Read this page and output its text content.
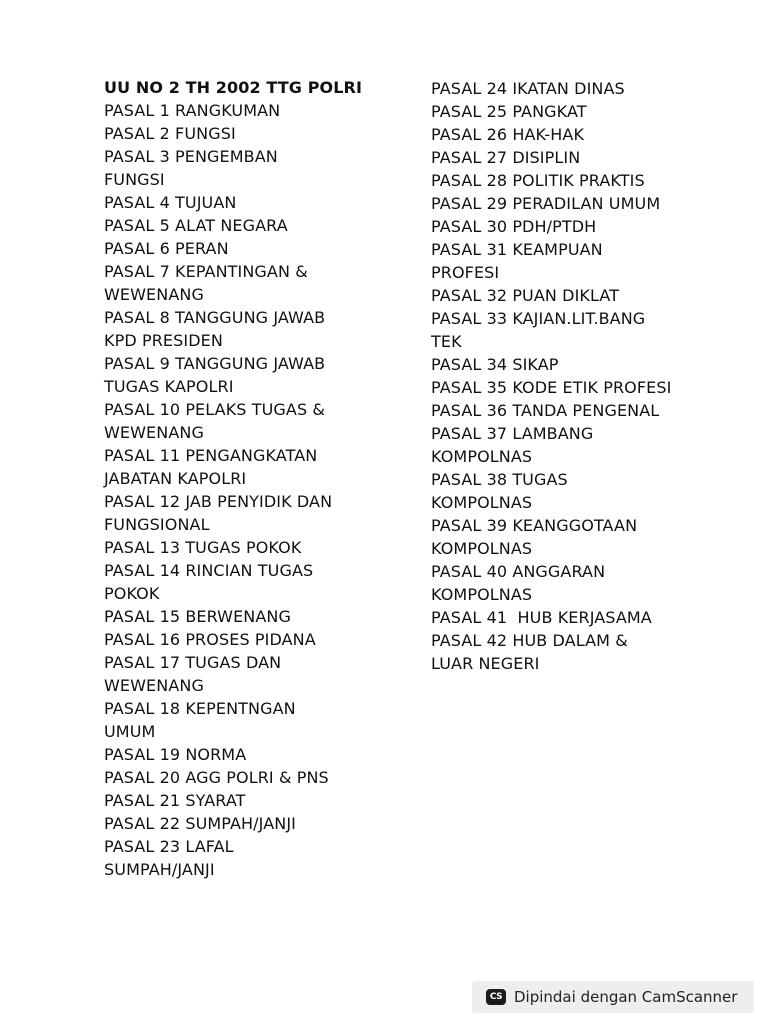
UU NO 2 TH 2002 TTG POLRI
PASAL 1 RANGKUMAN
PASAL 2 FUNGSI
PASAL 3 PENGEMBAN
FUNGSI
PASAL 4 TUJUAN
PASAL 5 ALAT NEGARA
PASAL 6 PERAN
PASAL 7 KEPANTINGAN &
WEWENANG
PASAL 8 TANGGUNG JAWAB
KPD PRESIDEN
PASAL 9 TANGGUNG JAWAB
TUGAS KAPOLRI
PASAL 10 PELAKS TUGAS &
WEWENANG
PASAL 11 PENGANGKATAN
JABATAN KAPOLRI
PASAL 12 JAB PENYIDIK DAN
FUNGSIONAL
PASAL 13 TUGAS POKOK
PASAL 14 RINCIAN TUGAS
POKOK
PASAL 15 BERWENANG
PASAL 16 PROSES PIDANA
PASAL 17 TUGAS DAN
WEWENANG
PASAL 18 KEPENTNGAN
UMUM
PASAL 19 NORMA
PASAL 20 AGG POLRI & PNS
PASAL 21 SYARAT
PASAL 22 SUMPAH/JANJI
PASAL 23 LAFAL
SUMPAH/JANJI
PASAL 24 IKATAN DINAS
PASAL 25 PANGKAT
PASAL 26 HAK-HAK
PASAL 27 DISIPLIN
PASAL 28 POLITIK PRAKTIS
PASAL 29 PERADILAN UMUM
PASAL 30 PDH/PTDH
PASAL 31 KEAMPUAN
PROFESI
PASAL 32 PUAN DIKLAT
PASAL 33 KAJIAN.LIT.BANG
TEK
PASAL 34 SIKAP
PASAL 35 KODE ETIK PROFESI
PASAL 36 TANDA PENGENAL
PASAL 37 LAMBANG
KOMPOLNAS
PASAL 38 TUGAS
KOMPOLNAS
PASAL 39 KEANGGOTAAN
KOMPOLNAS
PASAL 40 ANGGARAN
KOMPOLNAS
PASAL 41  HUB KERJASAMA
PASAL 42 HUB DALAM &
LUAR NEGERI
CS Dipindai dengan CamScanner
